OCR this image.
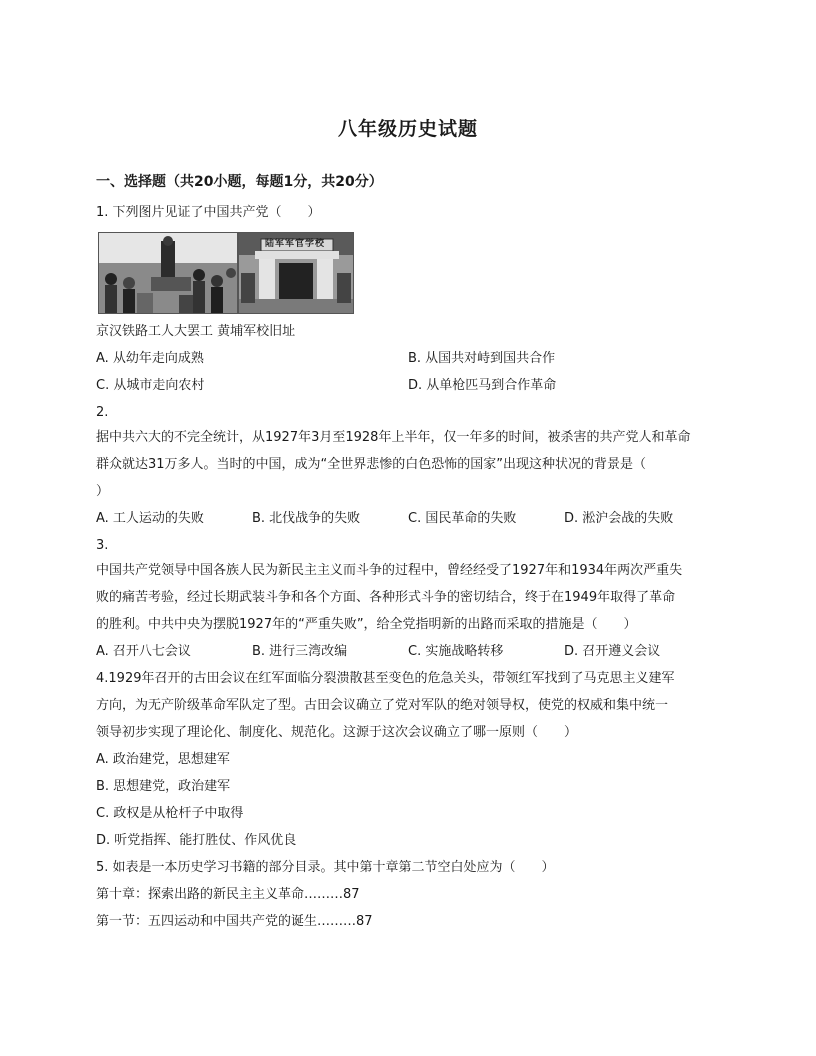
八年级历史试题
一、选择题（共20小题，每题1分，共20分）
1. 下列图片见证了中国共产党（　　）
陆军军官学校
京汉铁路工人大罢工 黄埔军校旧址
A. 从幼年走向成熟	B. 从国共对峙到国共合作
C. 从城市走向农村	D. 从单枪匹马到合作革命
2.
据中共六大的不完全统计，从1927年3月至1928年上半年，仅一年多的时间，被杀害的共产党人和革命
群众就达31万多人。当时的中国，成为“全世界悲惨的白色恐怖的国家”出现这种状况的背景是（
）
A. 工人运动的失败	B. 北伐战争的失败	C. 国民革命的失败	D. 淞沪会战的失败
3.
中国共产党领导中国各族人民为新民主主义而斗争的过程中，曾经经受了1927年和1934年两次严重失
败的痛苦考验，经过长期武装斗争和各个方面、各种形式斗争的密切结合，终于在1949年取得了革命
的胜利。中共中央为摆脱1927年的“严重失败”，给全党指明新的出路而采取的措施是（　　）
A. 召开八七会议	B. 进行三湾改编	C. 实施战略转移	D. 召开遵义会议
4.1929年召开的古田会议在红军面临分裂溃散甚至变色的危急关头，带领红军找到了马克思主义建军
方向，为无产阶级革命军队定了型。古田会议确立了党对军队的绝对领导权，使党的权威和集中统一
领导初步实现了理论化、制度化、规范化。这源于这次会议确立了哪一原则（　　）
A. 政治建党，思想建军
B. 思想建党，政治建军
C. 政权是从枪杆子中取得
D. 听党指挥、能打胜仗、作风优良
5. 如表是一本历史学习书籍的部分目录。其中第十章第二节空白处应为（　　）
第十章：探索出路的新民主主义革命………87
第一节：五四运动和中国共产党的诞生………87
